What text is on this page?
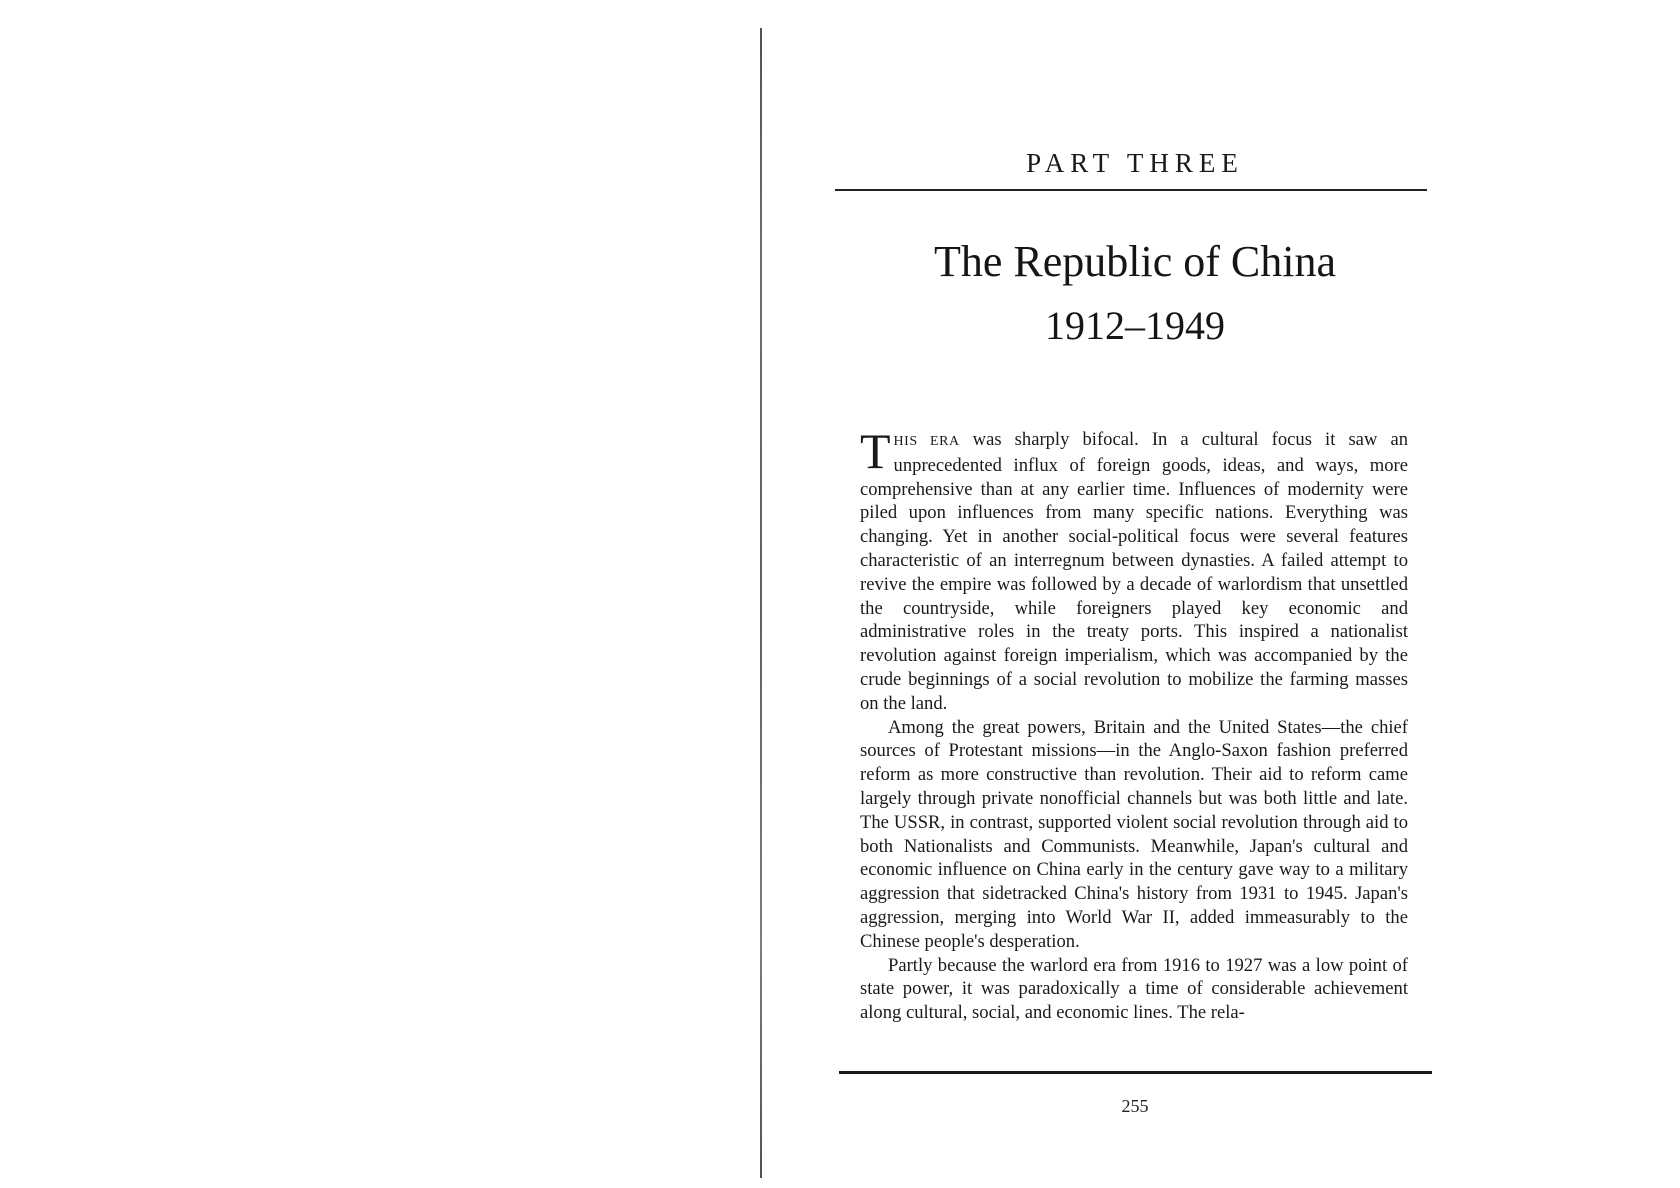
PART THREE
The Republic of China
1912–1949

THIS ERA was sharply bifocal. In a cultural focus it saw an unprecedented influx of foreign goods, ideas, and ways, more comprehensive than at any earlier time. Influences of modernity were piled upon influences from many specific nations. Everything was changing. Yet in another social-political focus were several features characteristic of an interregnum between dynasties. A failed attempt to revive the empire was followed by a decade of warlordism that unsettled the countryside, while foreigners played key economic and administrative roles in the treaty ports. This inspired a nationalist revolution against foreign imperialism, which was accompanied by the crude beginnings of a social revolution to mobilize the farming masses on the land.

Among the great powers, Britain and the United States—the chief sources of Protestant missions—in the Anglo-Saxon fashion preferred reform as more constructive than revolution. Their aid to reform came largely through private nonofficial channels but was both little and late. The USSR, in contrast, supported violent social revolution through aid to both Nationalists and Communists. Meanwhile, Japan's cultural and economic influence on China early in the century gave way to a military aggression that sidetracked China's history from 1931 to 1945. Japan's aggression, merging into World War II, added immeasurably to the Chinese people's desperation.

Partly because the warlord era from 1916 to 1927 was a low point of state power, it was paradoxically a time of considerable achievement along cultural, social, and economic lines. The rela-

255
